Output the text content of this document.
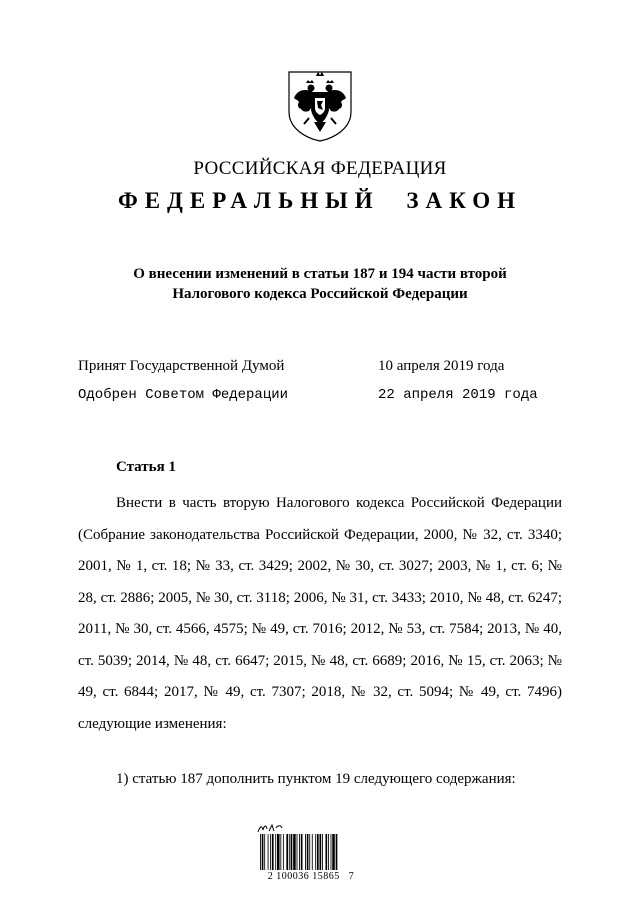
РОССИЙСКАЯ ФЕДЕРАЦИЯ
ФЕДЕРАЛЬНЫЙ ЗАКОН
О внесении изменений в статьи 187 и 194 части второй
Налогового кодекса Российской Федерации
Принят Государственной Думой	10 апреля 2019 года
Одобрен Советом Федерации	22 апреля 2019 года
Статья 1

Внести в часть вторую Налогового кодекса Российской Федерации (Собрание законодательства Российской Федерации, 2000, № 32, ст. 3340; 2001, № 1, ст. 18; № 33, ст. 3429; 2002, № 30, ст. 3027; 2003, № 1, ст. 6; № 28, ст. 2886; 2005, № 30, ст. 3118; 2006, № 31, ст. 3433; 2010, № 48, ст. 6247; 2011, № 30, ст. 4566, 4575; № 49, ст. 7016; 2012, № 53, ст. 7584; 2013, № 40, ст. 5039; 2014, № 48, ст. 6647; 2015, № 48, ст. 6689; 2016, № 15, ст. 2063; № 49, ст. 6844; 2017, № 49, ст. 7307; 2018, № 32, ст. 5094; № 49, ст. 7496) следующие изменения:

1) статью 187 дополнить пунктом 19 следующего содержания:
2 100036 15865   7
